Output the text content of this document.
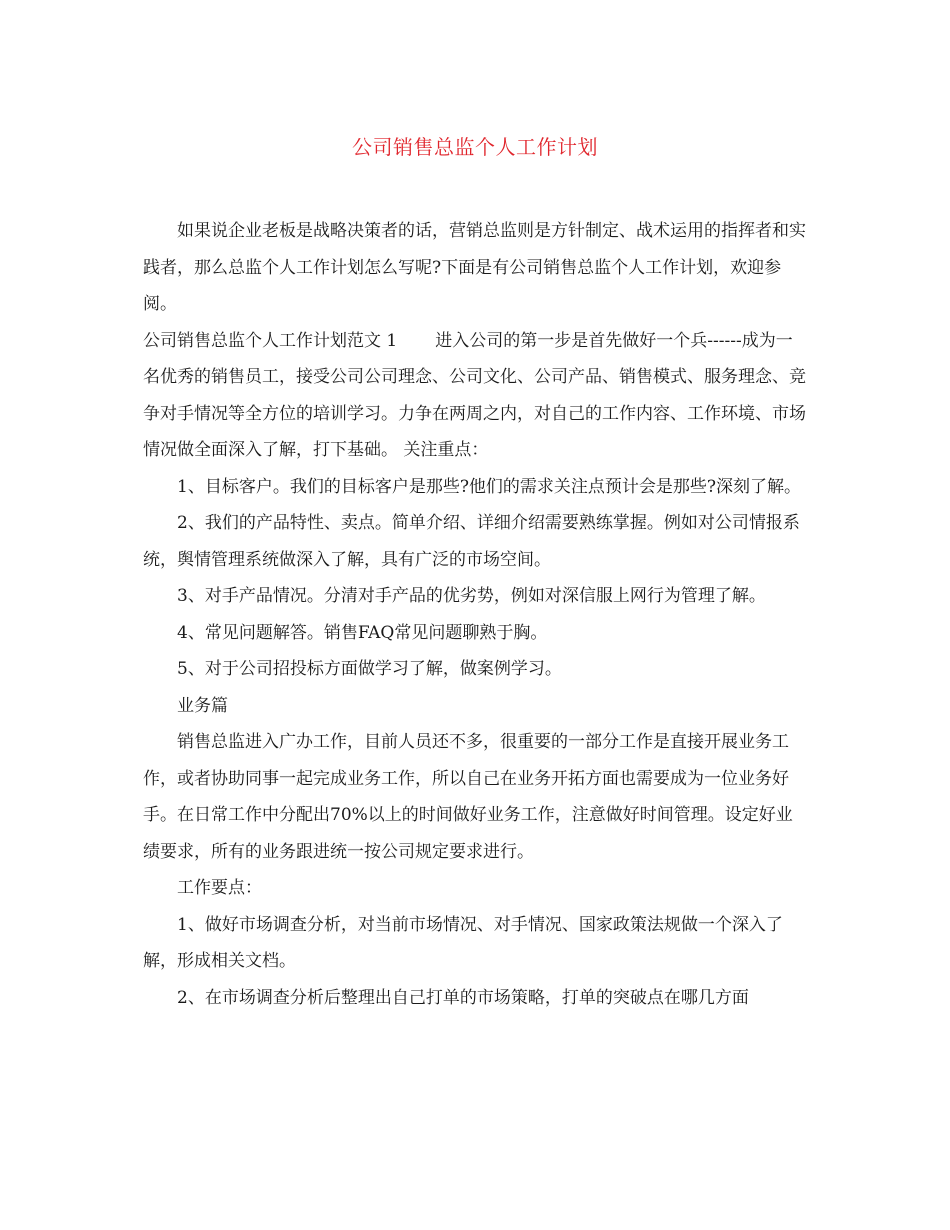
公司销售总监个人工作计划

如果说企业老板是战略决策者的话，营销总监则是方针制定、战术运用的指挥者和实践者，那么总监个人工作计划怎么写呢?下面是有公司销售总监个人工作计划，欢迎参阅。

公司销售总监个人工作计划范文 1 进入公司的第一步是首先做好一个兵------成为一名优秀的销售员工，接受公司公司理念、公司文化、公司产品、销售模式、服务理念、竞争对手情况等全方位的培训学习。力争在两周之内，对自己的工作内容、工作环境、市场情况做全面深入了解，打下基础。 关注重点：

1、目标客户。我们的目标客户是那些?他们的需求关注点预计会是那些?深刻了解。

2、我们的产品特性、卖点。简单介绍、详细介绍需要熟练掌握。例如对公司情报系统，舆情管理系统做深入了解，具有广泛的市场空间。

3、对手产品情况。分清对手产品的优劣势，例如对深信服上网行为管理了解。

4、常见问题解答。销售FAQ常见问题聊熟于胸。

5、对于公司招投标方面做学习了解，做案例学习。

业务篇

销售总监进入广办工作，目前人员还不多，很重要的一部分工作是直接开展业务工作，或者协助同事一起完成业务工作，所以自己在业务开拓方面也需要成为一位业务好手。在日常工作中分配出70%以上的时间做好业务工作，注意做好时间管理。设定好业绩要求，所有的业务跟进统一按公司规定要求进行。

工作要点：

1、做好市场调查分析，对当前市场情况、对手情况、国家政策法规做一个深入了解，形成相关文档。

2、在市场调查分析后整理出自己打单的市场策略，打单的突破点在哪几方面
